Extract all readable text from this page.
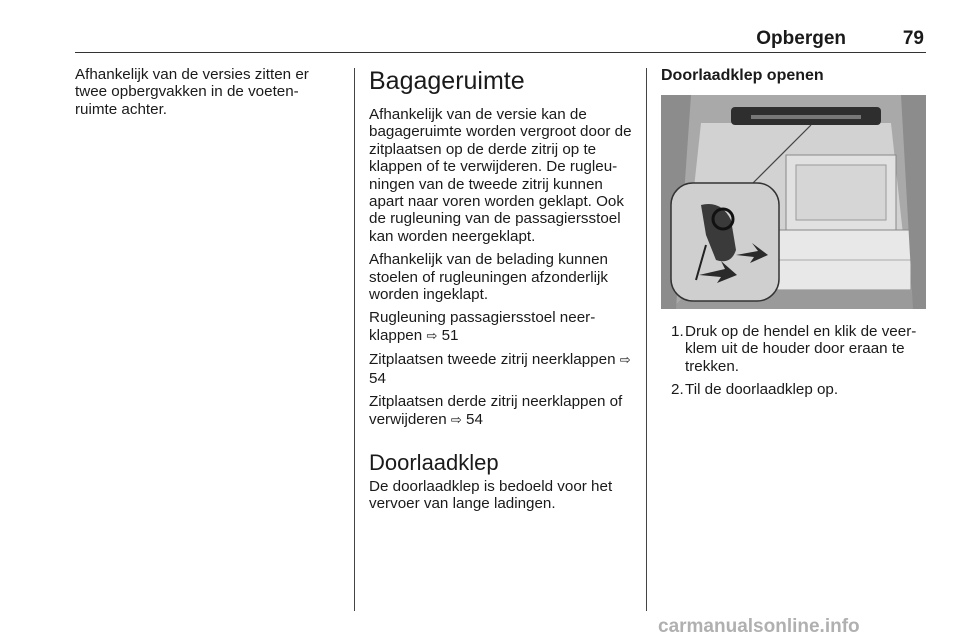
Opbergen	79

Afhankelijk van de versies zitten er twee opbergvakken in de voeten-ruimte achter.

Bagageruimte

Afhankelijk van de versie kan de bagageruimte worden vergroot door de zitplaatsen op de derde zitrij op te klappen of te verwijderen. De rugleu-ningen van de tweede zitrij kunnen apart naar voren worden geklapt. Ook de rugleuning van de passagiersstoel kan worden neergeklapt.

Afhankelijk van de belading kunnen stoelen of rugleuningen afzonderlijk worden ingeklapt.

Rugleuning passagiersstoel neer-klappen ⇨ 51

Zitplaatsen tweede zitrij neerklappen ⇨ 54

Zitplaatsen derde zitrij neerklappen of verwijderen ⇨ 54

Doorlaadklep

De doorlaadklep is bedoeld voor het vervoer van lange ladingen.

Doorlaadklep openen
1. Druk op de hendel en klik de veer-klem uit de houder door eraan te trekken.
2. Til de doorlaadklep op.
carmanualsonline.info
